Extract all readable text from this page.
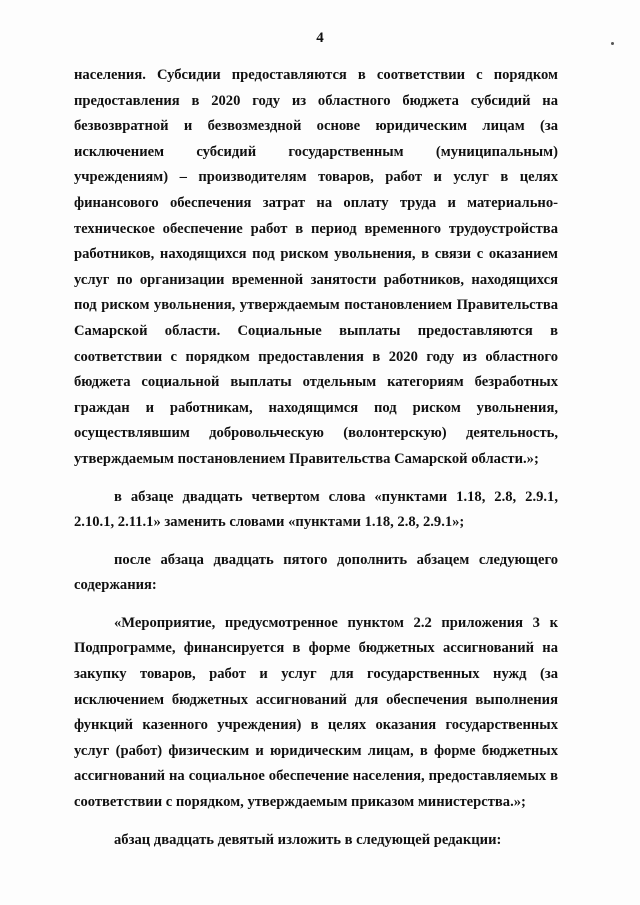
4

населения. Субсидии предоставляются в соответствии с порядком предоставления в 2020 году из областного бюджета субсидий на безвозвратной и безвозмездной основе юридическим лицам (за исключением субсидий государственным (муниципальным) учреждениям) – производителям товаров, работ и услуг в целях финансового обеспечения затрат на оплату труда и материально-техническое обеспечение работ в период временного трудоустройства работников, находящихся под риском увольнения, в связи с оказанием услуг по организации временной занятости работников, находящихся под риском увольнения, утверждаемым постановлением Правительства Самарской области. Социальные выплаты предоставляются в соответствии с порядком предоставления в 2020 году из областного бюджета социальной выплаты отдельным категориям безработных граждан и работникам, находящимся под риском увольнения, осуществлявшим добровольческую (волонтерскую) деятельность, утверждаемым постановлением Правительства Самарской области.»;

в абзаце двадцать четвертом слова «пунктами 1.18, 2.8, 2.9.1, 2.10.1, 2.11.1» заменить словами «пунктами 1.18, 2.8, 2.9.1»;

после абзаца двадцать пятого дополнить абзацем следующего содержания:

«Мероприятие, предусмотренное пунктом 2.2 приложения 3 к Подпрограмме, финансируется в форме бюджетных ассигнований на закупку товаров, работ и услуг для государственных нужд (за исключением бюджетных ассигнований для обеспечения выполнения функций казенного учреждения) в целях оказания государственных услуг (работ) физическим и юридическим лицам, в форме бюджетных ассигнований на социальное обеспечение населения, предоставляемых в соответствии с порядком, утверждаемым приказом министерства.»;

абзац двадцать девятый изложить в следующей редакции:
